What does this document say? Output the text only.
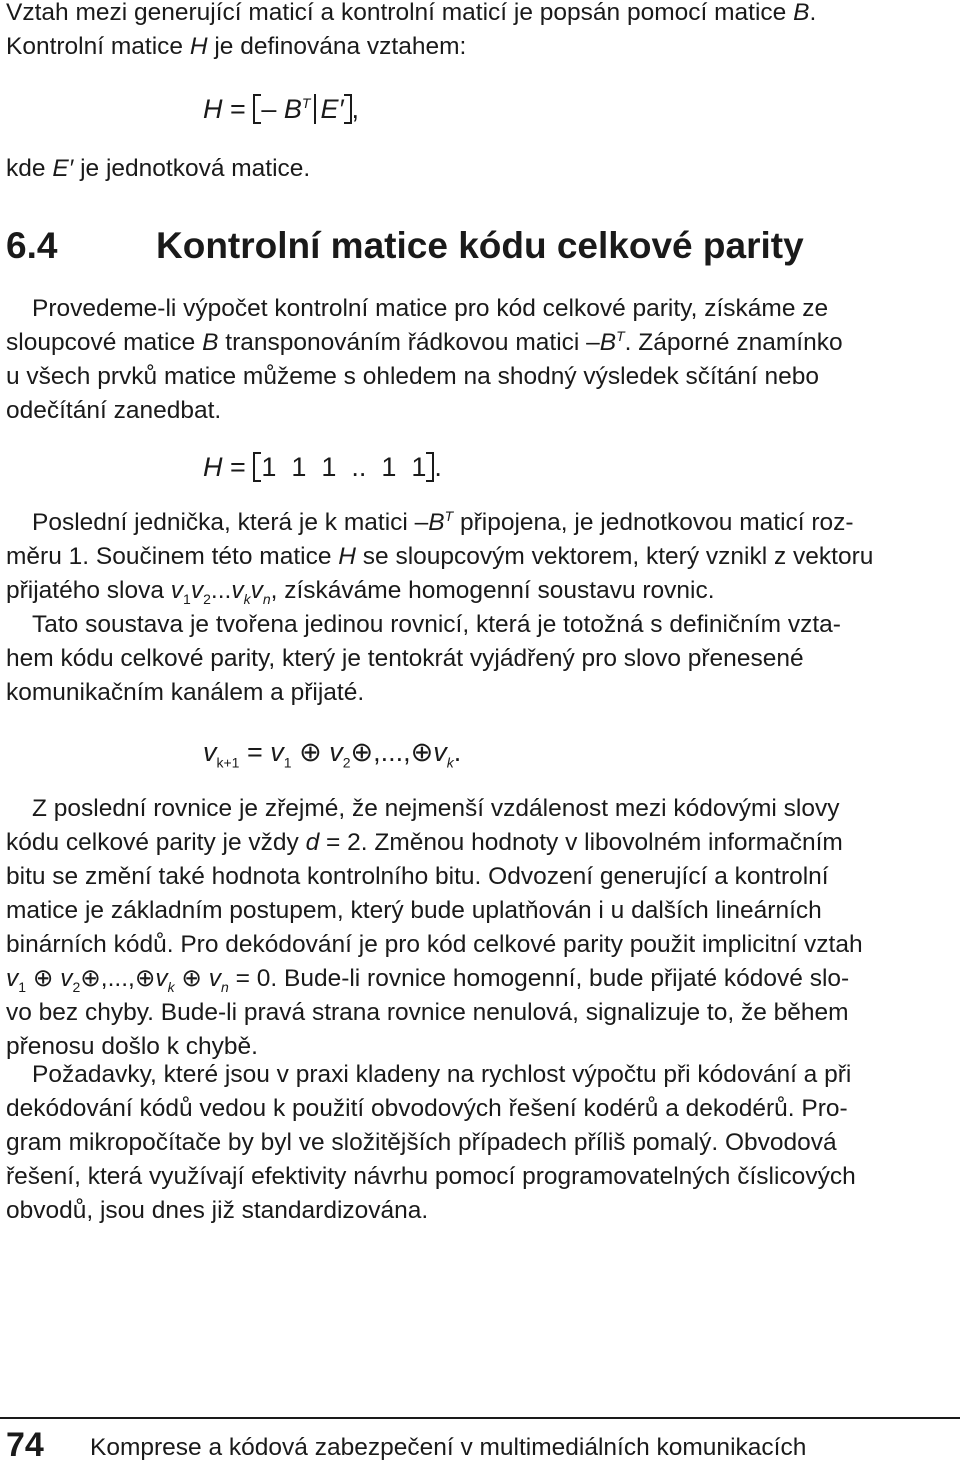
Vztah mezi generující maticí a kontrolní maticí je popsán pomocí matice B.
Kontrolní matice H je definována vztahem:

H = – $B^T$ E′ ,

kde E′ je jednotková matice.

6.4	Kontrolní matice kódu celkové parity

Provedeme-li výpočet kontrolní matice pro kód celkové parity, získáme ze
sloupcové matice B transponováním řádkovou matici $-B^T$. Záporné znamínko
u všech prvků matice můžeme s ohledem na shodný výsledek sčítání nebo
odečítání zanedbat.

H = 1  1  1  ..  1  1 .

Poslední jednička, která je k matici $-B^T$ připojena, je jednotkovou maticí roz-
měru 1. Součinem této matice H se sloupcovým vektorem, který vznikl z vektoru
přijatého slova $v_1v_2...v_kv_n$, získáváme homogenní soustavu rovnic.

Tato soustava je tvořena jedinou rovnicí, která je totožná s definičním vzta-
hem kódu celkové parity, který je tentokrát vyjádřený pro slovo přenesené
komunikačním kanálem a přijaté.

$v_{k+1} = v_1$ ⊕ $v_2\oplus,...,\oplus v_k$.

Z poslední rovnice je zřejmé, že nejmenší vzdálenost mezi kódovými slovy
kódu celkové parity je vždy d = 2. Změnou hodnoty v libovolném informačním
bitu se změní také hodnota kontrolního bitu. Odvození generující a kontrolní
matice je základním postupem, který bude uplatňován i u dalších lineárních
binárních kódů. Pro dekódování je pro kód celkové parity použit implicitní vztah
$v_1$ ⊕ $v_2\oplus,...,\oplus v_k$ ⊕ $v_n = 0$. Bude-li rovnice homogenní, bude přijaté kódové slo-
vo bez chyby. Bude-li pravá strana rovnice nenulová, signalizuje to, že během
přenosu došlo k chybě.

Požadavky, které jsou v praxi kladeny na rychlost výpočtu při kódování a při
dekódování kódů vedou k použití obvodových řešení kodérů a dekodérů. Pro-
gram mikropočítače by byl ve složitějších případech příliš pomalý. Obvodová
řešení, která využívají efektivity návrhu pomocí programovatelných číslicových
obvodů, jsou dnes již standardizována.

74 Komprese a kódová zabezpečení v multimediálních komunikacích
